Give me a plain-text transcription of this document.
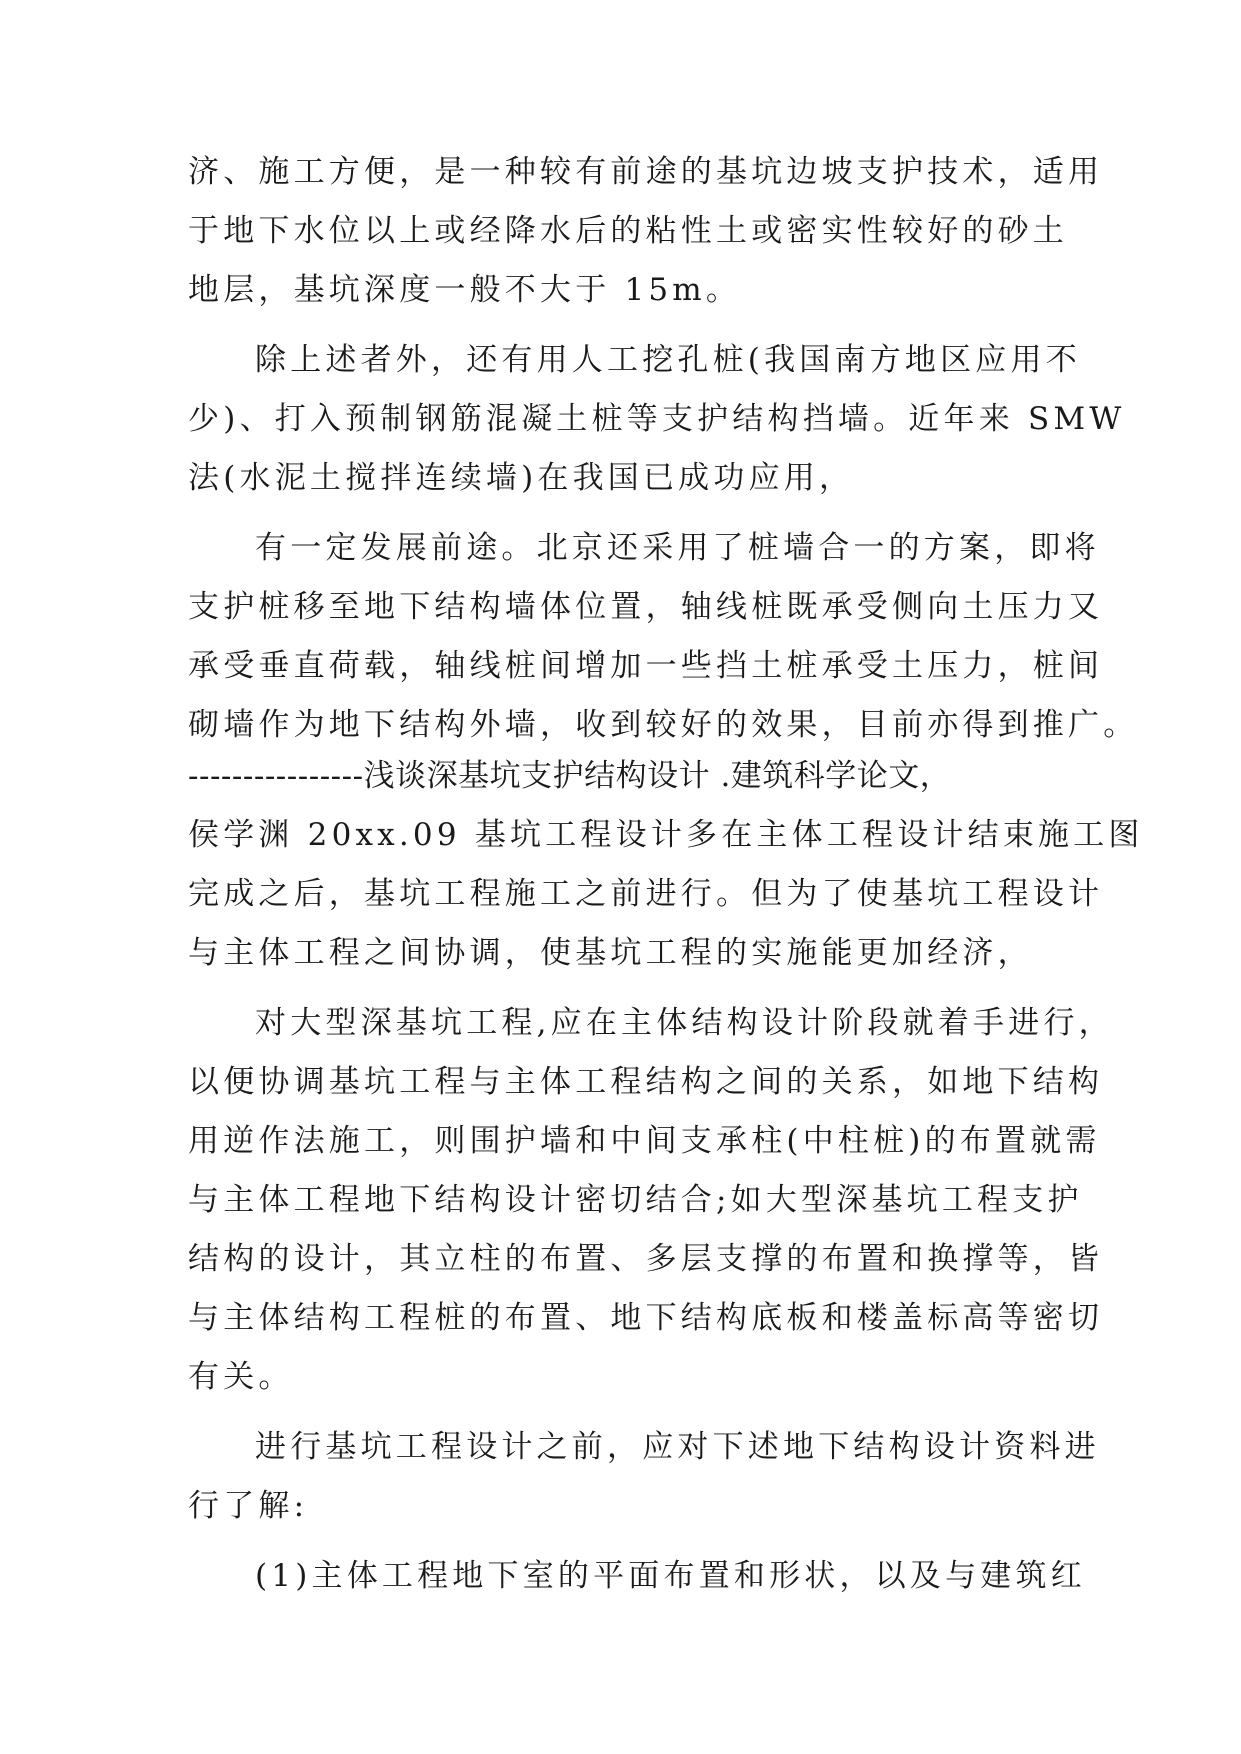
济、施工方便，是一种较有前途的基坑边坡支护技术，适用
于地下水位以上或经降水后的粘性土或密实性较好的砂土
地层，基坑深度一般不大于 15m。
除上述者外，还有用人工挖孔桩(我国南方地区应用不
少)、打入预制钢筋混凝土桩等支护结构挡墙。近年来 SMW
法(水泥土搅拌连续墙)在我国已成功应用，
有一定发展前途。北京还采用了桩墙合一的方案，即将
支护桩移至地下结构墙体位置，轴线桩既承受侧向土压力又
承受垂直荷载，轴线桩间增加一些挡土桩承受土压力，桩间
砌墙作为地下结构外墙，收到较好的效果，目前亦得到推广。
----------------浅谈深基坑支护结构设计 .建筑科学论文，
侯学渊 20xx.09 基坑工程设计多在主体工程设计结束施工图
完成之后，基坑工程施工之前进行。但为了使基坑工程设计
与主体工程之间协调，使基坑工程的实施能更加经济，
对大型深基坑工程,应在主体结构设计阶段就着手进行，
以便协调基坑工程与主体工程结构之间的关系，如地下结构
用逆作法施工，则围护墙和中间支承柱(中柱桩)的布置就需
与主体工程地下结构设计密切结合;如大型深基坑工程支护
结构的设计，其立柱的布置、多层支撑的布置和换撑等，皆
与主体结构工程桩的布置、地下结构底板和楼盖标高等密切
有关。
进行基坑工程设计之前，应对下述地下结构设计资料进
行了解:
(1)主体工程地下室的平面布置和形状，以及与建筑红
